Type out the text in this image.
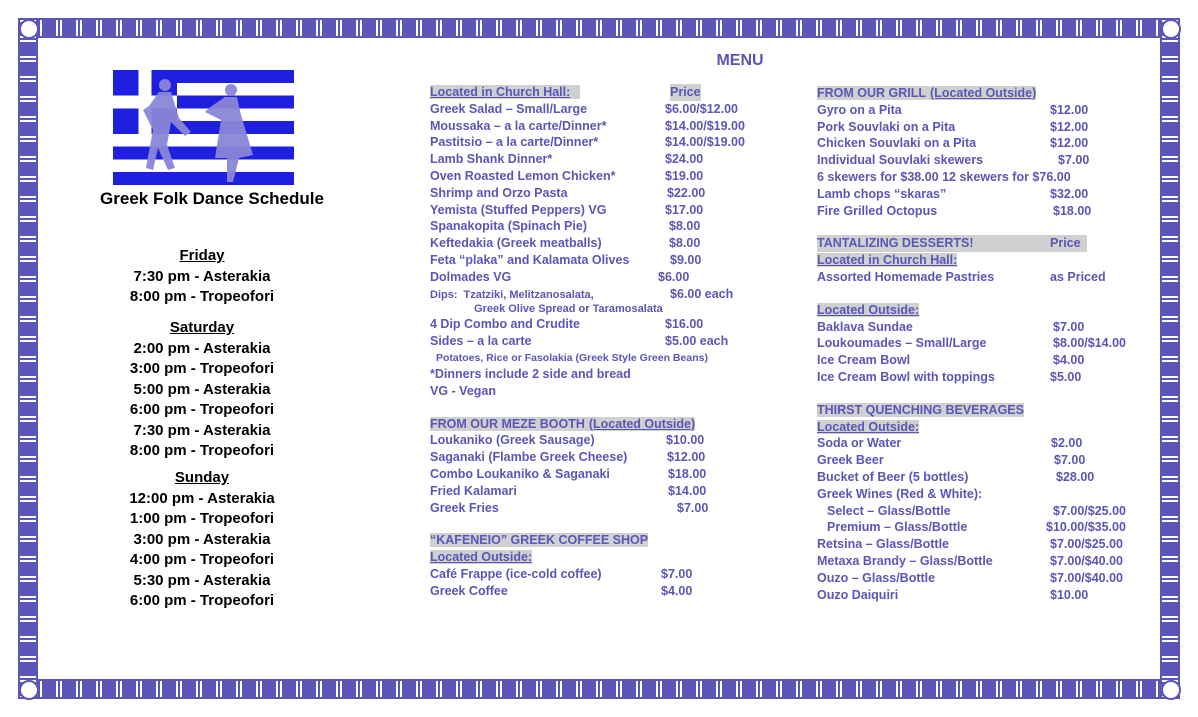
Greek Folk Dance Schedule
Friday
7:30 pm - Asterakia
8:00 pm - Tropeofori
Saturday
2:00 pm - Asterakia
3:00 pm - Tropeofori
5:00 pm - Asterakia
6:00 pm - Tropeofori
7:30 pm - Asterakia
8:00 pm - Tropeofori
Sunday
12:00 pm - Asterakia
1:00 pm - Tropeofori
3:00 pm - Asterakia
4:00 pm - Tropeofori
5:30 pm - Asterakia
6:00 pm - Tropeofori
MENU
Located in Church Hall:	Price
Greek Salad – Small/Large	$6.00/$12.00
Moussaka – a la carte/Dinner*	$14.00/$19.00
Pastitsio – a la carte/Dinner*	$14.00/$19.00
Lamb Shank Dinner*	$24.00
Oven Roasted Lemon Chicken*	$19.00
Shrimp and Orzo Pasta	$22.00
Yemista (Stuffed Peppers) VG	$17.00
Spanakopita (Spinach Pie)	$8.00
Keftedakia (Greek meatballs)	$8.00
Feta “plaka” and Kalamata Olives	$9.00
Dolmades VG	$6.00
Dips: Tzatziki, Melitzanosalata,	$6.00 each
Greek Olive Spread or Taramosalata
4 Dip Combo and Crudite	$16.00
Sides – a la carte	$5.00 each
Potatoes, Rice or Fasolakia (Greek Style Green Beans)
*Dinners include 2 side and bread
VG - Vegan
FROM OUR MEZE BOOTH (Located Outside)
Loukaniko (Greek Sausage)	$10.00
Saganaki (Flambe Greek Cheese)	$12.00
Combo Loukaniko & Saganaki	$18.00
Fried Kalamari	$14.00
Greek Fries	$7.00
“KAFENEIO” GREEK COFFEE SHOP
Located Outside:
Café Frappe (ice-cold coffee)	$7.00
Greek Coffee	$4.00
FROM OUR GRILL (Located Outside)
Gyro on a Pita	$12.00
Pork Souvlaki on a Pita	$12.00
Chicken Souvlaki on a Pita	$12.00
Individual Souvlaki skewers	$7.00
6 skewers for $38.00 12 skewers for $76.00
Lamb chops “skaras”	$32.00
Fire Grilled Octopus	$18.00
TANTALIZING DESSERTS!	Price
Located in Church Hall:
Assorted Homemade Pastries	as Priced
Located Outside:
Baklava Sundae	$7.00
Loukoumades – Small/Large	$8.00/$14.00
Ice Cream Bowl	$4.00
Ice Cream Bowl with toppings	$5.00
THIRST QUENCHING BEVERAGES
Located Outside:
Soda or Water	$2.00
Greek Beer	$7.00
Bucket of Beer (5 bottles)	$28.00
Greek Wines (Red & White):
Select – Glass/Bottle	$7.00/$25.00
Premium – Glass/Bottle	$10.00/$35.00
Retsina – Glass/Bottle	$7.00/$25.00
Metaxa Brandy – Glass/Bottle	$7.00/$40.00
Ouzo – Glass/Bottle	$7.00/$40.00
Ouzo Daiquiri	$10.00
